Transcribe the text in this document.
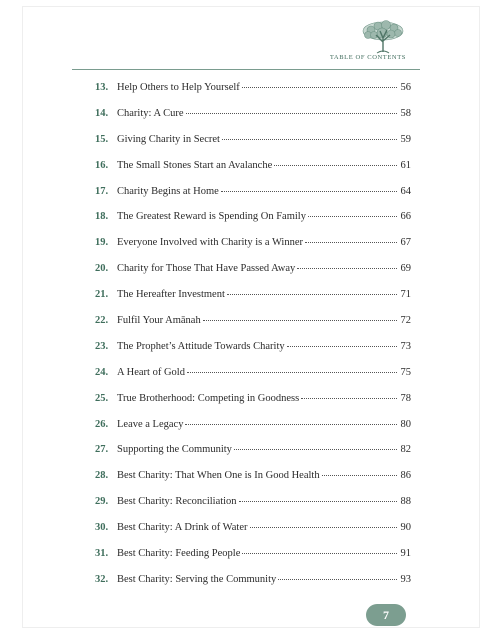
TABLE OF CONTENTS
13. Help Others to Help Yourself	56
14. Charity: A Cure	58
15. Giving Charity in Secret	59
16. The Small Stones Start an Avalanche	61
17. Charity Begins at Home	64
18. The Greatest Reward is Spending On Family	66
19. Everyone Involved with Charity is a Winner	67
20. Charity for Those That Have Passed Away	69
21. The Hereafter Investment	71
22. Fulfil Your Amānah	72
23. The Prophet’s Attitude Towards Charity	73
24. A Heart of Gold	75
25. True Brotherhood: Competing in Goodness	78
26. Leave a Legacy	80
27. Supporting the Community	82
28. Best Charity: That When One is In Good Health	86
29. Best Charity: Reconciliation	88
30. Best Charity: A Drink of Water	90
31. Best Charity: Feeding People	91
32. Best Charity: Serving the Community	93
7
